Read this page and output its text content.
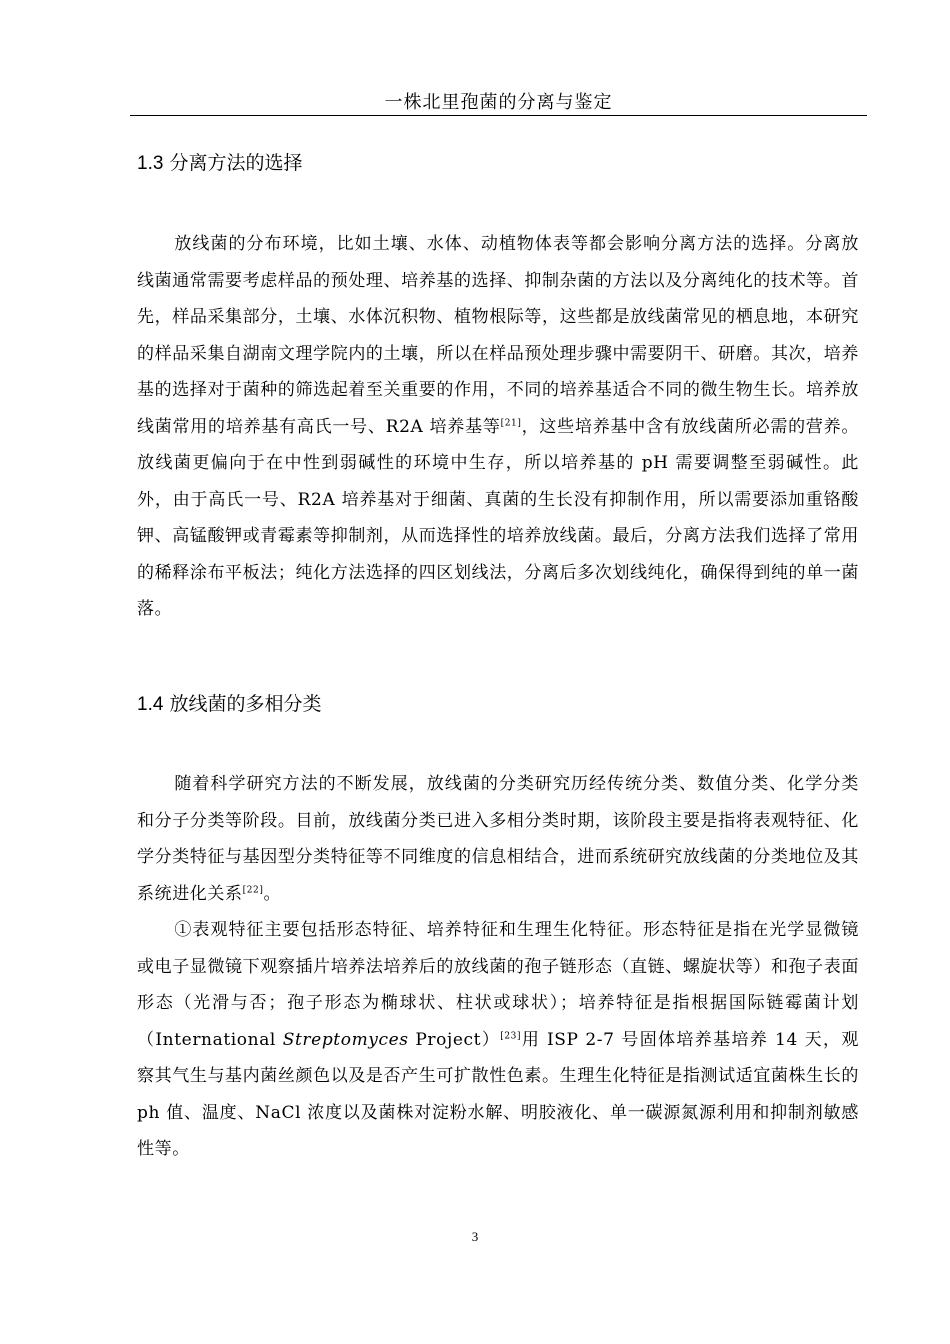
一株北里孢菌的分离与鉴定
1.3 分离方法的选择

放线菌的分布环境，比如土壤、水体、动植物体表等都会影响分离方法的选择。分离放线菌通常需要考虑样品的预处理、培养基的选择、抑制杂菌的方法以及分离纯化的技术等。首先，样品采集部分，土壤、水体沉积物、植物根际等，这些都是放线菌常见的栖息地，本研究的样品采集自湖南文理学院内的土壤，所以在样品预处理步骤中需要阴干、研磨。其次，培养基的选择对于菌种的筛选起着至关重要的作用，不同的培养基适合不同的微生物生长。培养放线菌常用的培养基有高氏一号、R2A 培养基等[21]，这些培养基中含有放线菌所必需的营养。放线菌更偏向于在中性到弱碱性的环境中生存，所以培养基的 pH 需要调整至弱碱性。此外，由于高氏一号、R2A 培养基对于细菌、真菌的生长没有抑制作用，所以需要添加重铬酸钾、高锰酸钾或青霉素等抑制剂，从而选择性的培养放线菌。最后，分离方法我们选择了常用的稀释涂布平板法；纯化方法选择的四区划线法，分离后多次划线纯化，确保得到纯的单一菌落。

1.4 放线菌的多相分类

随着科学研究方法的不断发展，放线菌的分类研究历经传统分类、数值分类、化学分类和分子分类等阶段。目前，放线菌分类已进入多相分类时期，该阶段主要是指将表观特征、化学分类特征与基因型分类特征等不同维度的信息相结合，进而系统研究放线菌的分类地位及其系统进化关系[22]。

①表观特征主要包括形态特征、培养特征和生理生化特征。形态特征是指在光学显微镜或电子显微镜下观察插片培养法培养后的放线菌的孢子链形态（直链、螺旋状等）和孢子表面形态（光滑与否；孢子形态为椭球状、柱状或球状）；培养特征是指根据国际链霉菌计划（International Streptomyces Project）[23]用 ISP 2-7 号固体培养基培养 14 天，观察其气生与基内菌丝颜色以及是否产生可扩散性色素。生理生化特征是指测试适宜菌株生长的 ph 值、温度、NaCl 浓度以及菌株对淀粉水解、明胶液化、单一碳源氮源利用和抑制剂敏感性等。

3
